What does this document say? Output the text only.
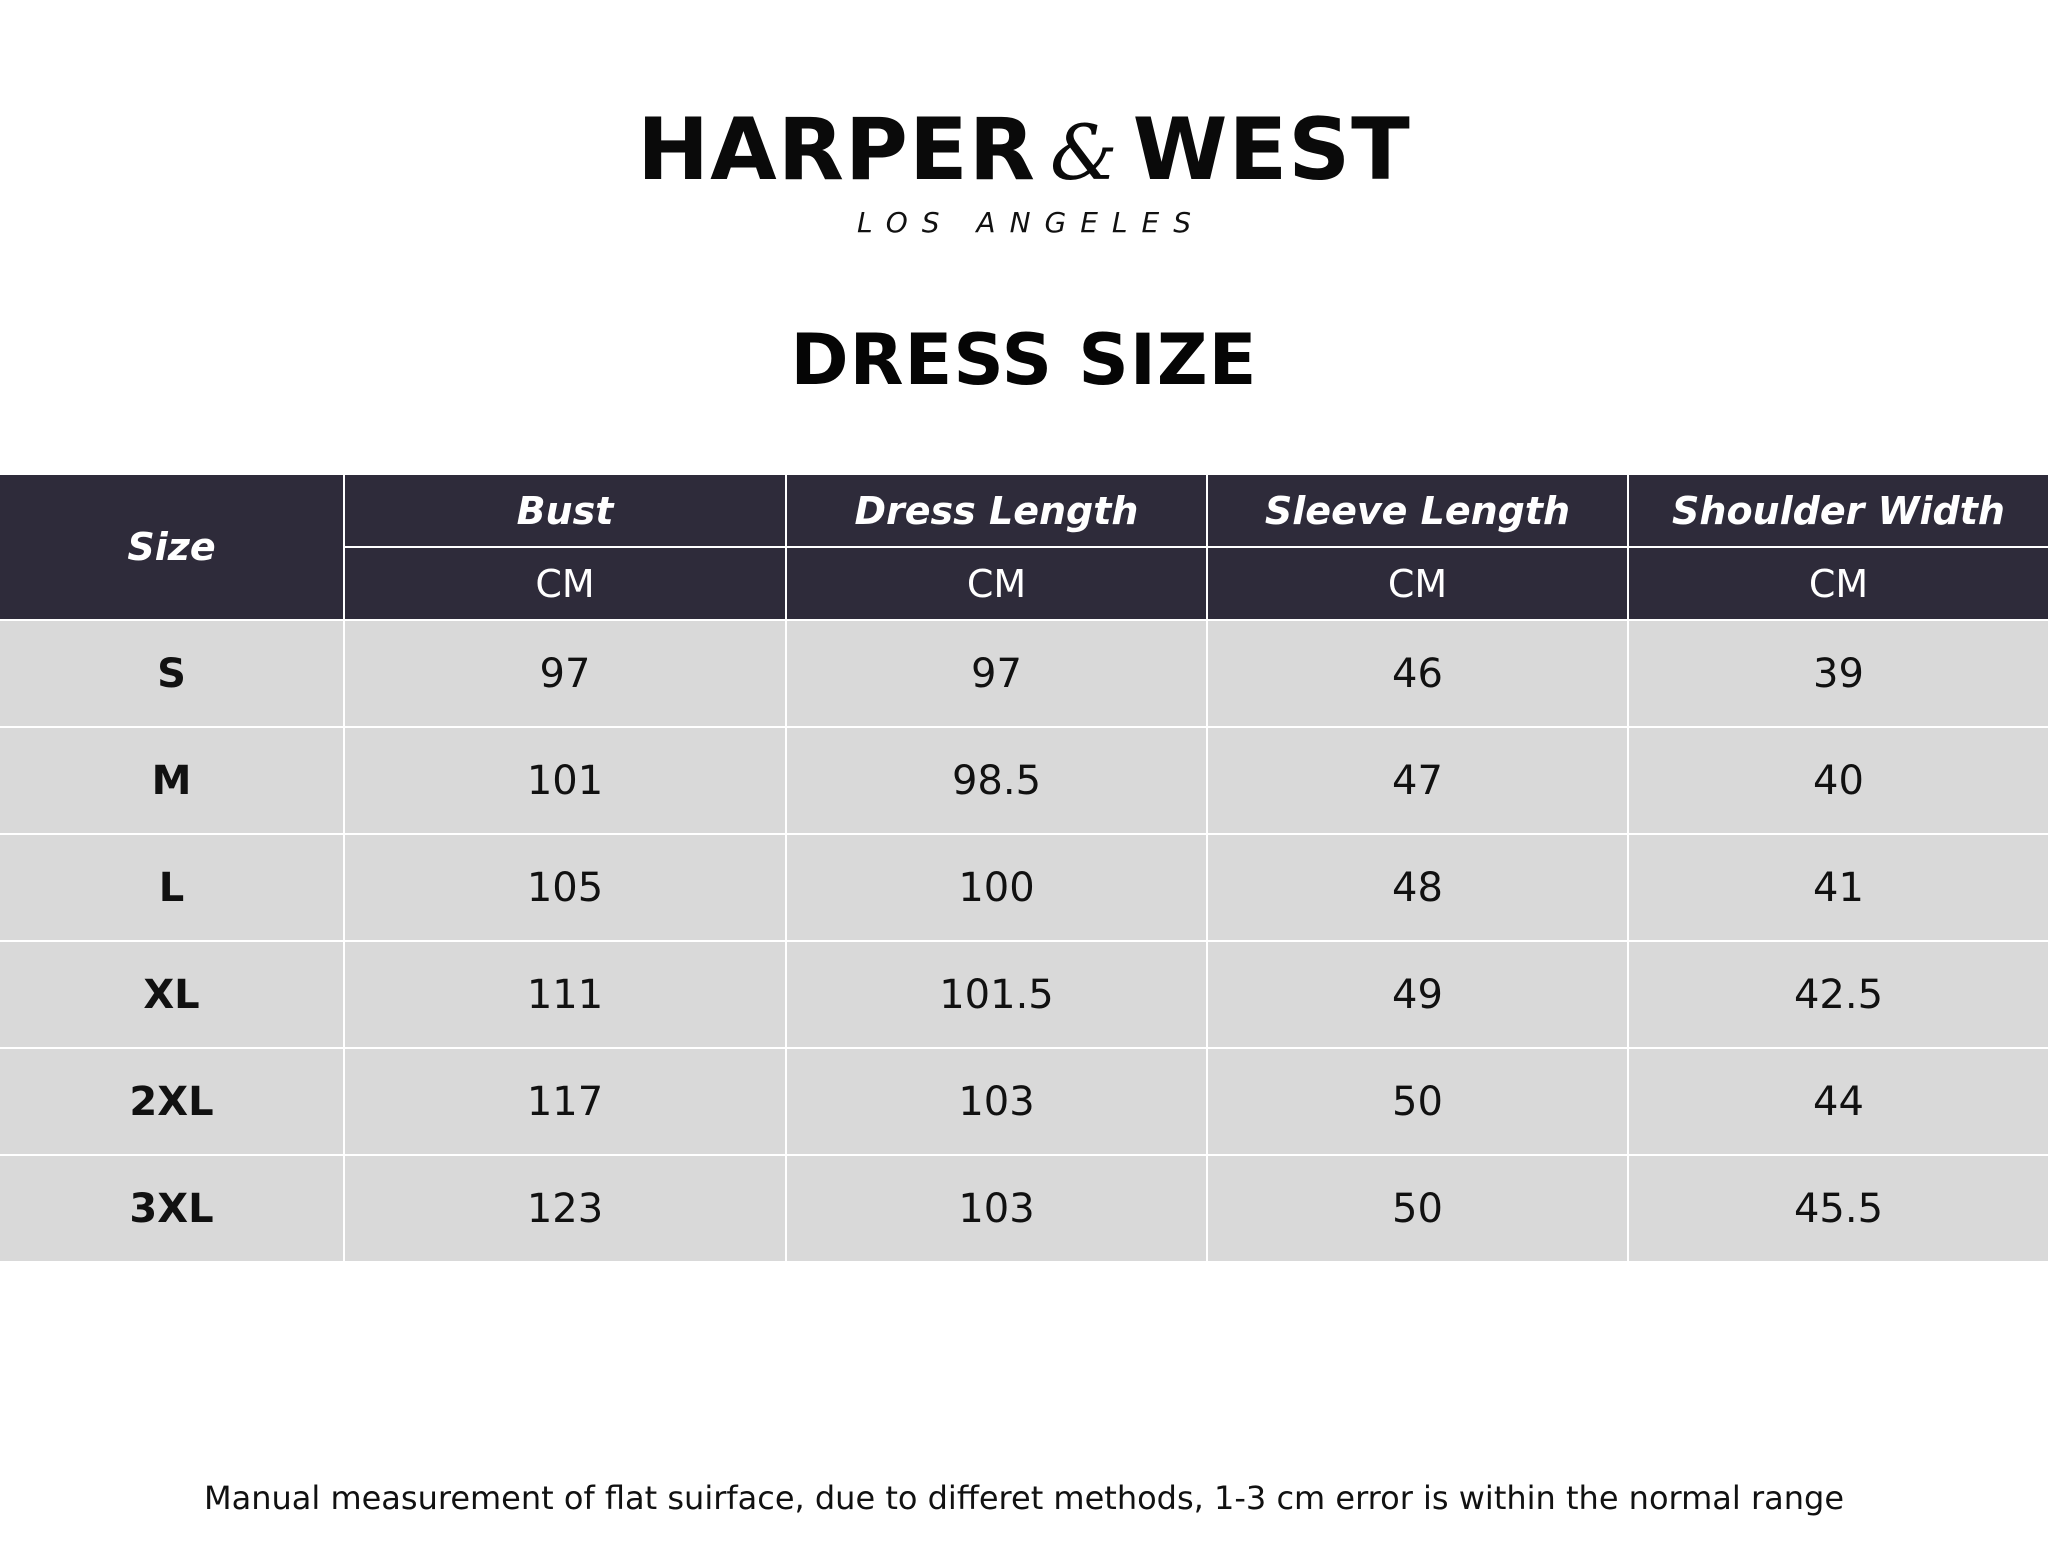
HARPER & WEST
LOS ANGELES
DRESS SIZE
Size	Bust	Dress Length	Sleeve Length	Shoulder Width
	CM	CM	CM	CM
S	97	97	46	39
M	101	98.5	47	40
L	105	100	48	41
XL	111	101.5	49	42.5
2XL	117	103	50	44
3XL	123	103	50	45.5
Manual measurement of flat suirface, due to differet methods, 1-3 cm error is within the normal range
